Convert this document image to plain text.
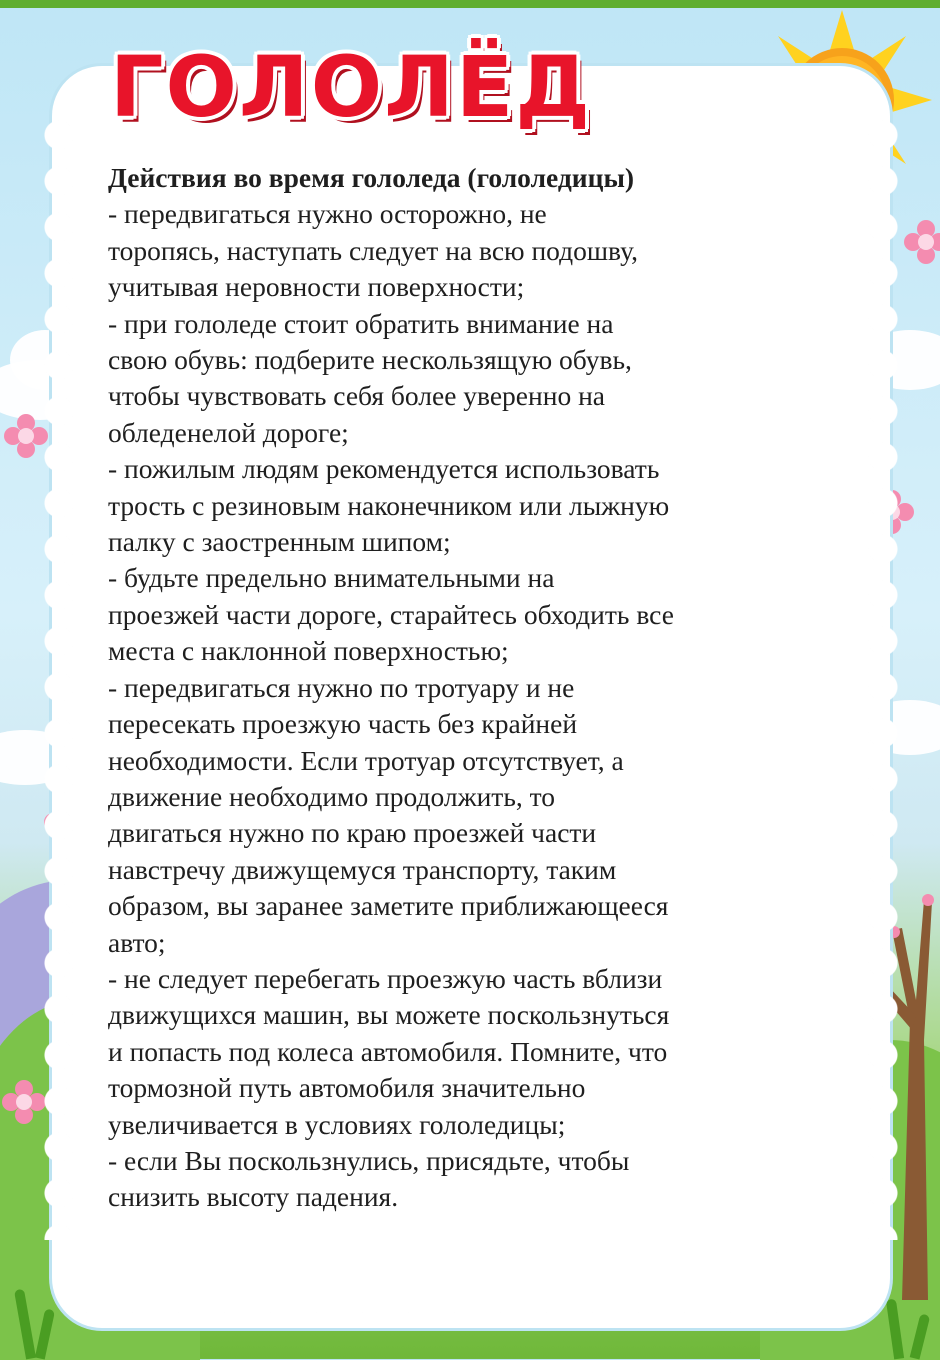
ГОЛОЛЁД
Действия во время гололеда (гололедицы)
- передвигаться нужно осторожно, не
торопясь, наступать следует на всю подошву,
учитывая неровности поверхности;
- при гололеде стоит обратить внимание на
свою обувь: подберите нескользящую обувь,
чтобы чувствовать себя более уверенно на
обледенелой дороге;
- пожилым людям рекомендуется использовать
трость с резиновым наконечником или лыжную
палку с заостренным шипом;
- будьте предельно внимательными на
проезжей части дороге, старайтесь обходить все
места с наклонной поверхностью;
- передвигаться нужно по тротуару и не
пересекать проезжую часть без крайней
необходимости. Если тротуар отсутствует, а
движение необходимо продолжить, то
двигаться нужно по краю проезжей части
навстречу движущемуся транспорту, таким
образом, вы заранее заметите приближающееся
авто;
- не следует перебегать проезжую часть вблизи
движущихся машин, вы можете поскользнуться
и попасть под колеса автомобиля. Помните, что
тормозной путь автомобиля значительно
увеличивается в условиях гололедицы;
- если Вы поскользнулись, присядьте, чтобы
снизить высоту падения.
